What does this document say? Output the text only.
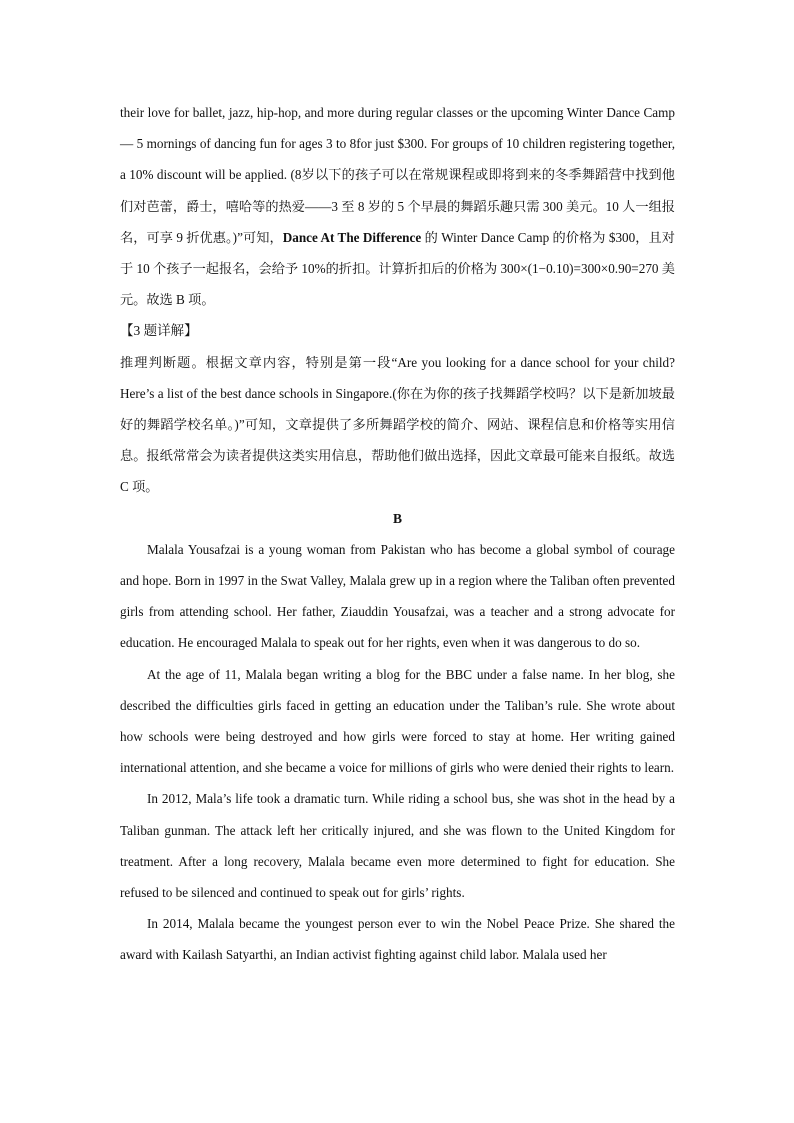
their love for ballet, jazz, hip-hop, and more during regular classes or the upcoming Winter Dance Camp — 5 mornings of dancing fun for ages 3 to 8for just $300. For groups of 10 children registering together, a 10% discount will be applied. (8岁以下的孩子可以在常规课程或即将到来的冬季舞蹈营中找到他们对芭蕾，爵士，嘻哈等的热爱——3 至 8 岁的 5 个早晨的舞蹈乐趣只需 300 美元。10 人一组报名，可享 9 折优惠。)”可知，Dance At The Difference 的 Winter Dance Camp 的价格为 $300，且对于 10 个孩子一起报名，会给予 10%的折扣。计算折扣后的价格为 300×(1−0.10)=300×0.90=270 美元。故选 B 项。

【3 题详解】

推理判断题。根据文章内容，特别是第一段“Are you looking for a dance school for your child? Here’s a list of the best dance schools in Singapore.(你在为你的孩子找舞蹈学校吗？以下是新加坡最好的舞蹈学校名单。)”可知，文章提供了多所舞蹈学校的简介、网站、课程信息和价格等实用信息。报纸常常会为读者提供这类实用信息，帮助他们做出选择，因此文章最可能来自报纸。故选 C 项。

B

Malala Yousafzai is a young woman from Pakistan who has become a global symbol of courage and hope. Born in 1997 in the Swat Valley, Malala grew up in a region where the Taliban often prevented girls from attending school. Her father, Ziauddin Yousafzai, was a teacher and a strong advocate for education. He encouraged Malala to speak out for her rights, even when it was dangerous to do so.

At the age of 11, Malala began writing a blog for the BBC under a false name. In her blog, she described the difficulties girls faced in getting an education under the Taliban’s rule. She wrote about how schools were being destroyed and how girls were forced to stay at home. Her writing gained international attention, and she became a voice for millions of girls who were denied their rights to learn.

In 2012, Mala’s life took a dramatic turn. While riding a school bus, she was shot in the head by a Taliban gunman. The attack left her critically injured, and she was flown to the United Kingdom for treatment. After a long recovery, Malala became even more determined to fight for education. She refused to be silenced and continued to speak out for girls’ rights.

In 2014, Malala became the youngest person ever to win the Nobel Peace Prize. She shared the award with Kailash Satyarthi, an Indian activist fighting against child labor. Malala used her
